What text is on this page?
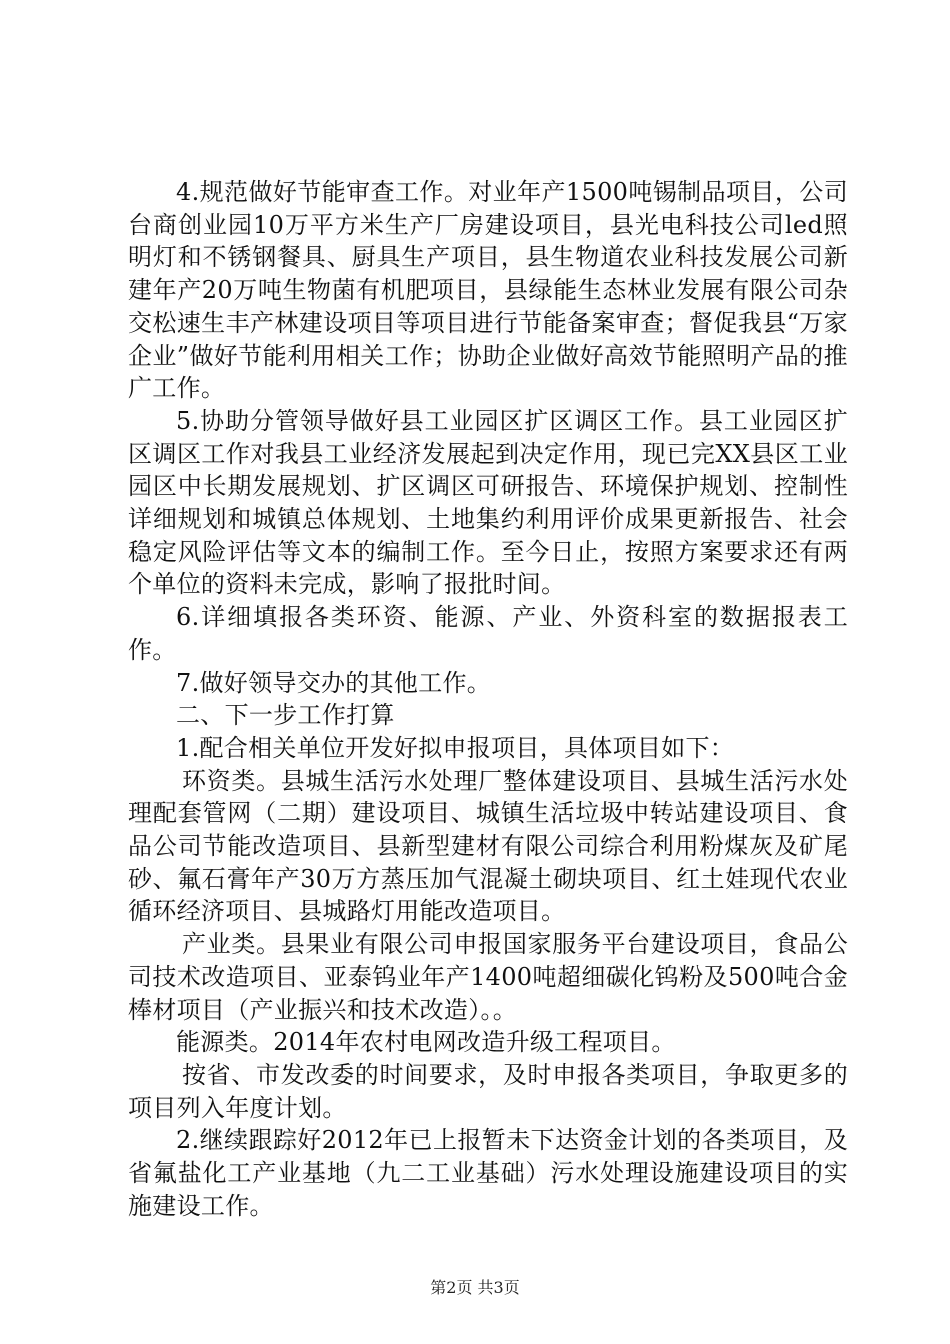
4.规范做好节能审查工作。对业年产1500吨锡制品项目，公司台商创业园10万平方米生产厂房建设项目，县光电科技公司led照明灯和不锈钢餐具、厨具生产项目，县生物道农业科技发展公司新建年产20万吨生物菌有机肥项目，县绿能生态林业发展有限公司杂交松速生丰产林建设项目等项目进行节能备案审查；督促我县“万家企业”做好节能利用相关工作；协助企业做好高效节能照明产品的推广工作。

5.协助分管领导做好县工业园区扩区调区工作。县工业园区扩区调区工作对我县工业经济发展起到决定作用，现已完XX县区工业园区中长期发展规划、扩区调区可研报告、环境保护规划、控制性详细规划和城镇总体规划、土地集约利用评价成果更新报告、社会稳定风险评估等文本的编制工作。至今日止，按照方案要求还有两个单位的资料未完成，影响了报批时间。

6.详细填报各类环资、能源、产业、外资科室的数据报表工作。

7.做好领导交办的其他工作。

二、下一步工作打算

1.配合相关单位开发好拟申报项目，具体项目如下：

环资类。县城生活污水处理厂整体建设项目、县城生活污水处理配套管网（二期）建设项目、城镇生活垃圾中转站建设项目、食品公司节能改造项目、县新型建材有限公司综合利用粉煤灰及矿尾砂、氟石膏年产30万方蒸压加气混凝土砌块项目、红土娃现代农业循环经济项目、县城路灯用能改造项目。

产业类。县果业有限公司申报国家服务平台建设项目，食品公司技术改造项目、亚泰钨业年产1400吨超细碳化钨粉及500吨合金棒材项目（产业振兴和技术改造）。。

能源类。2014年农村电网改造升级工程项目。

按省、市发改委的时间要求，及时申报各类项目，争取更多的项目列入年度计划。

2.继续跟踪好2012年已上报暂未下达资金计划的各类项目，及省氟盐化工产业基地（九二工业基础）污水处理设施建设项目的实施建设工作。

第2页 共3页
